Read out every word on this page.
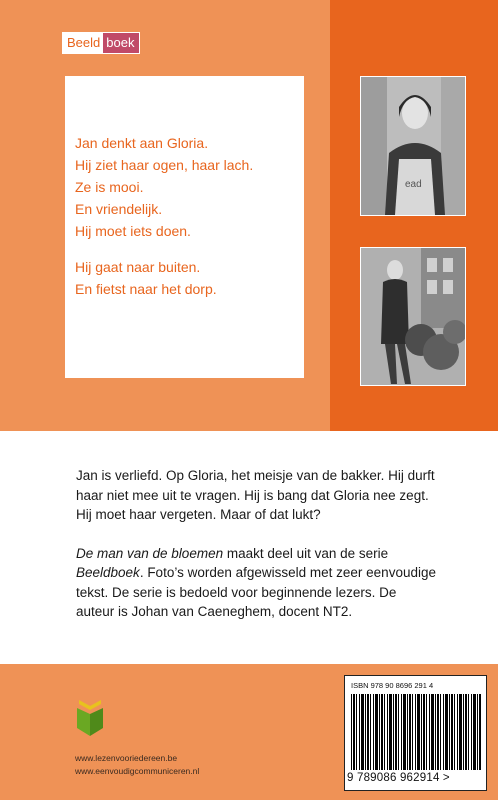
Beeld boek

Jan denkt aan Gloria.

Hij ziet haar ogen, haar lach.

Ze is mooi.

En vriendelijk.

Hij moet iets doen.

Hij gaat naar buiten.

En fietst naar het dorp.

ead

Jan is verliefd. Op Gloria, het meisje van de bakker. Hij durft haar niet mee uit te vragen. Hij is bang dat Gloria nee zegt. Hij moet haar vergeten. Maar of dat lukt?

De man van de bloemen maakt deel uit van de serie Beeldboek. Foto’s worden afgewisseld met zeer eenvoudige tekst. De serie is bedoeld voor beginnende lezers. De auteur is Johan van Caeneghem, docent NT2.

www.lezenvooriedereen.be
www.eenvoudigcommuniceren.nl
ISBN 978 90 8696 291 4
9 789086 962914 >
